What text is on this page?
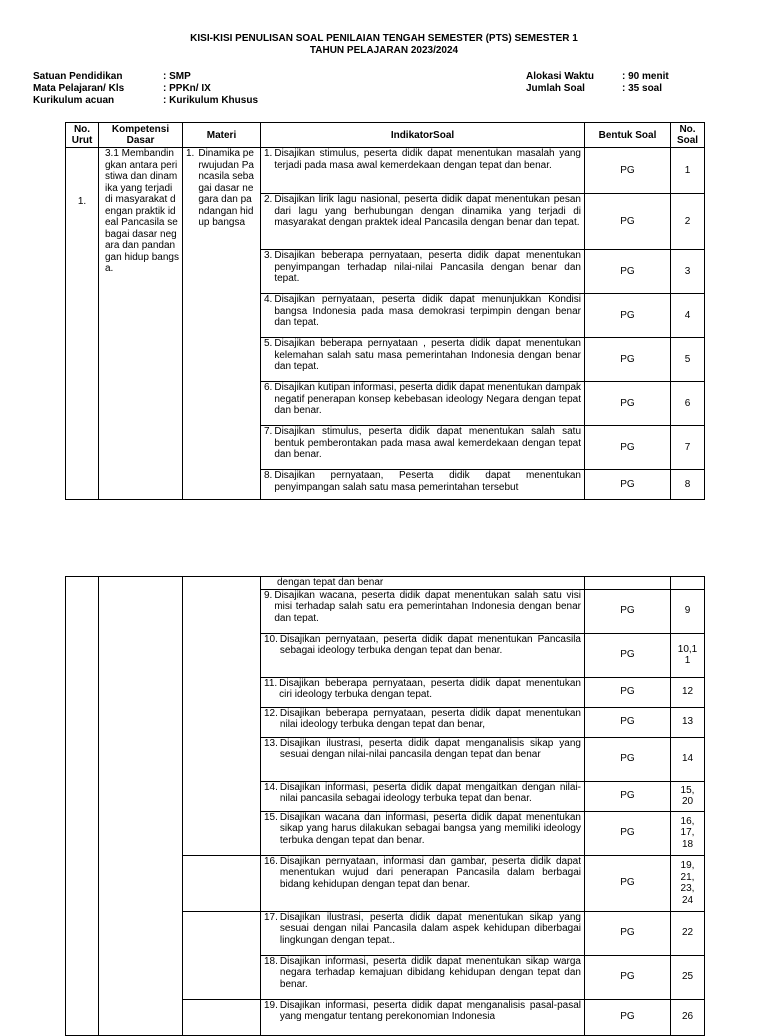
KISI-KISI PENULISAN SOAL PENILAIAN TENGAH SEMESTER (PTS) SEMESTER 1
TAHUN PELAJARAN 2023/2024
Satuan Pendidikan	: SMP
Mata Pelajaran/ Kls	: PPKn/ IX
Kurikulum acuan	: Kurikulum Khusus
Alokasi Waktu	: 90 menit
Jumlah Soal	: 35 soal
No. Urut	Kompetensi Dasar	Materi	IndikatorSoal	Bentuk Soal	No. Soal

1.	3.1 Membandingkan antara peristiwa dan dinamika yang terjadi di masyarakat dengan praktik ideal Pancasila sebagai dasar negara dan pandangan hidup bangsa.	1. Dinamika perwujudan Pancasila sebagai dasar negara dan pandangan hidup bangsa	1. Disajikan stimulus, peserta didik dapat menentukan masalah yang terjadi pada masa awal kemerdekaan dengan tepat dan benar.	PG	1

			2. Disajikan lirik lagu nasional, peserta didik dapat menentukan pesan dari lagu yang berhubungan dengan dinamika yang terjadi di masyarakat dengan praktek ideal Pancasila dengan benar dan tepat.	PG	2

			3. Disajikan beberapa pernyataan, peserta didik dapat menentukan penyimpangan terhadap nilai-nilai Pancasila dengan benar dan tepat.	PG	3

			4. Disajikan pernyataan, peserta didik dapat menunjukkan Kondisi bangsa Indonesia pada masa demokrasi terpimpin dengan benar dan tepat.	PG	4

			5. Disajikan beberapa pernyataan , peserta didik dapat menentukan kelemahan salah satu masa pemerintahan Indonesia dengan benar dan tepat.	PG	5

			6. Disajikan kutipan informasi, peserta didik dapat menentukan dampak negatif penerapan konsep kebebasan ideology Negara dengan tepat dan benar.	PG	6

			7. Disajikan stimulus, peserta didik dapat menentukan salah satu bentuk pemberontakan pada masa awal kemerdekaan dengan tepat dan benar.	PG	7

			8. Disajikan pernyataan, Peserta didik dapat menentukan penyimpangan salah satu masa pemerintahan tersebut	PG	8
			dengan tepat dan benar		

			9. Disajikan wacana, peserta didik dapat menentukan salah satu visi misi terhadap salah satu era pemerintahan Indonesia dengan benar dan tepat.	PG	9

			10. Disajikan pernyataan, peserta didik dapat menentukan Pancasila sebagai ideology terbuka dengan tepat dan benar.	PG	10,1 1

			11. Disajikan beberapa pernyataan, peserta didik dapat menentukan ciri ideology terbuka dengan tepat.	PG	12

			12. Disajikan beberapa pernyataan, peserta didik dapat menentukan nilai ideology terbuka dengan tepat dan benar,	PG	13

			13. Disajikan ilustrasi, peserta didik dapat menganalisis sikap yang sesuai dengan nilai-nilai pancasila dengan tepat dan benar	PG	14

			14. Disajikan informasi, peserta didik dapat mengaitkan dengan nilai-nilai pancasila sebagai ideology terbuka tepat dan benar.	PG	15, 20

			15. Disajikan wacana dan informasi, peserta didik dapat menentukan sikap yang harus dilakukan sebagai bangsa yang memiliki ideology terbuka dengan tepat dan benar.	PG	16, 17, 18

			16. Disajikan pernyataan, informasi dan gambar, peserta didik dapat menentukan wujud dari penerapan Pancasila dalam berbagai bidang kehidupan dengan tepat dan benar.	PG	19, 21, 23, 24

			17. Disajikan ilustrasi, peserta didik dapat menentukan sikap yang sesuai dengan nilai Pancasila dalam aspek kehidupan diberbagai lingkungan dengan tepat..	PG	22

			18. Disajikan informasi, peserta didik dapat menentukan sikap warga negara terhadap kemajuan dibidang kehidupan dengan tepat dan benar.	PG	25

			19. Disajikan informasi, peserta didik dapat menganalisis pasal-pasal yang mengatur tentang perekonomian Indonesia	PG	26
